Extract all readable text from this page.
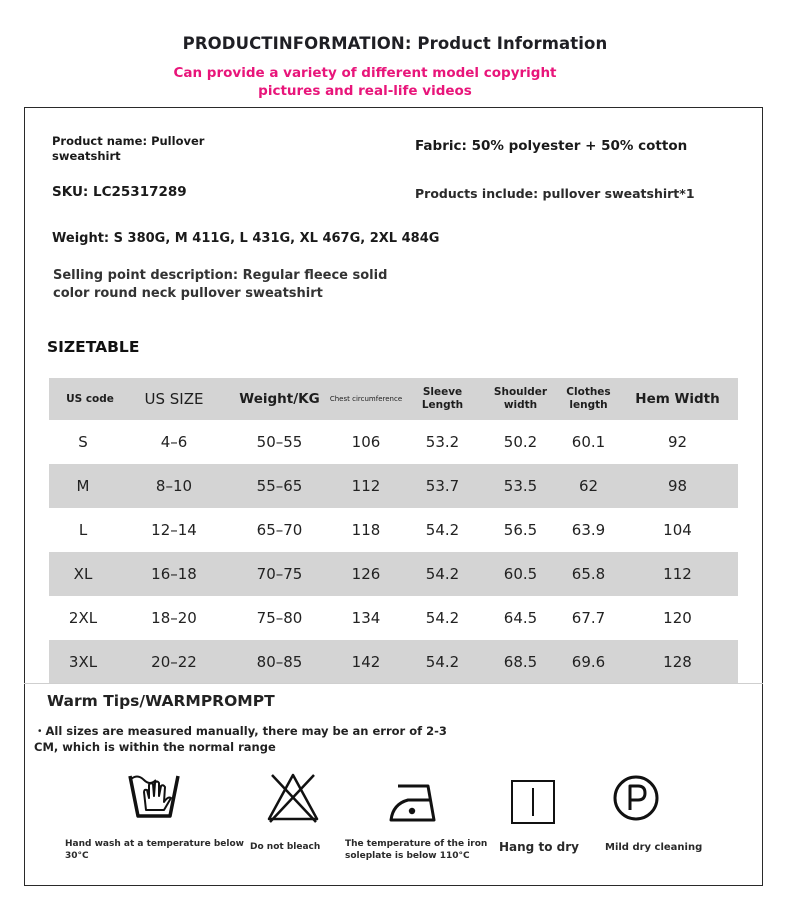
PRODUCTINFORMATION: Product Information
Can provide a variety of different model copyright
pictures and real-life videos
Product name: Pullover sweatshirt
Fabric: 50% polyester + 50% cotton
SKU: LC25317289	Products include: pullover sweatshirt*1
Weight: S 380G, M 411G, L 431G, XL 467G, 2XL 484G
Selling point description: Regular fleece solid color round neck pullover sweatshirt
SIZETABLE
US code	US SIZE	Weight/KG	Chest circumference	Sleeve Length	Shoulder width	Clothes length	Hem Width
S	4–6	50–55	106	53.2	50.2	60.1	92
M	8–10	55–65	112	53.7	53.5	62	98
L	12–14	65–70	118	54.2	56.5	63.9	104
XL	16–18	70–75	126	54.2	60.5	65.8	112
2XL	18–20	75–80	134	54.2	64.5	67.7	120
3XL	20–22	80–85	142	54.2	68.5	69.6	128
Warm Tips/WARMPROMPT
・All sizes are measured manually, there may be an error of 2-3 CM, which is within the normal range
Hand wash at a temperature below 30°C
Do not bleach	The temperature of the iron soleplate is below 110°C
Hang to dry	Mild dry cleaning
